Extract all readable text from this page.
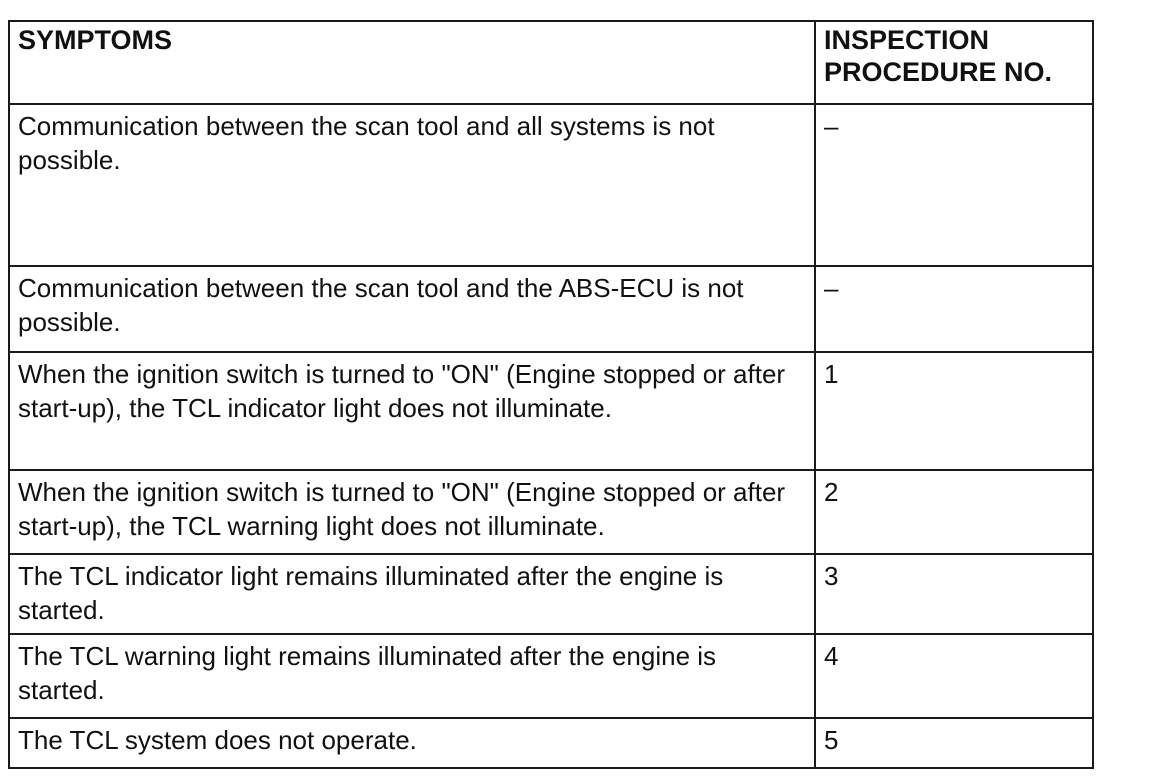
SYMPTOMS	INSPECTION
PROCEDURE NO.
Communication between the scan tool and all systems is not possible.	–
Communication between the scan tool and the ABS-ECU is not possible.	–
When the ignition switch is turned to "ON" (Engine stopped or after start-up), the TCL indicator light does not illuminate.	1
When the ignition switch is turned to "ON" (Engine stopped or after start-up), the TCL warning light does not illuminate.	2
The TCL indicator light remains illuminated after the engine is started.	3
The TCL warning light remains illuminated after the engine is started.	4
The TCL system does not operate.	5
